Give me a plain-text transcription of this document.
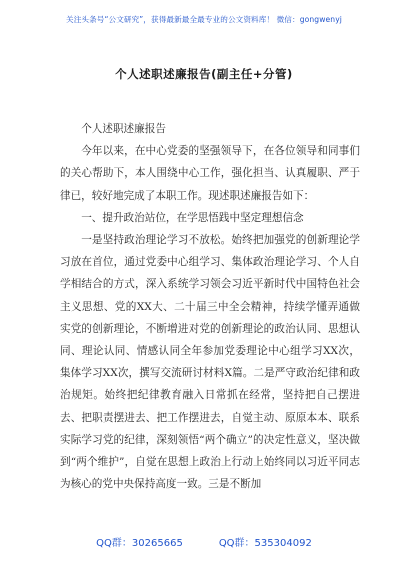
关注头条号“公文研究”，获得最新最全最专业的公文资料库！ 微信：gongwenyj
个人述职述廉报告(副主任+分管)

个人述职述廉报告

今年以来，在中心党委的坚强领导下，在各位领导和同事们的关心帮助下，本人围绕中心工作，强化担当、认真履职、严于律已，较好地完成了本职工作。现述职述廉报告如下：

一、提升政治站位，在学思悟践中坚定理想信念

一是坚持政治理论学习不放松。始终把加强党的创新理论学习放在首位，通过党委中心组学习、集体政治理论学习、个人自学相结合的方式，深入系统学习领会习近平新时代中国特色社会主义思想、党的XX大、二十届三中全会精神，持续学懂弄通做实党的创新理论，不断增进对党的创新理论的政治认同、思想认同、理论认同、情感认同全年参加党委理论中心组学习XX次，集体学习XX次，撰写交流研讨材料X篇。二是严守政治纪律和政治规矩。始终把纪律教育融入日常抓在经常，坚持把自己摆进去、把职责摆进去、把工作摆进去，自觉主动、原原本本、联系实际学习党的纪律，深刻领悟“两个确立”的决定性意义，坚决做到“两个维护”，自觉在思想上政治上行动上始终同以习近平同志为核心的党中央保持高度一致。三是不断加

QQ群：30265665	QQ群：535304092
